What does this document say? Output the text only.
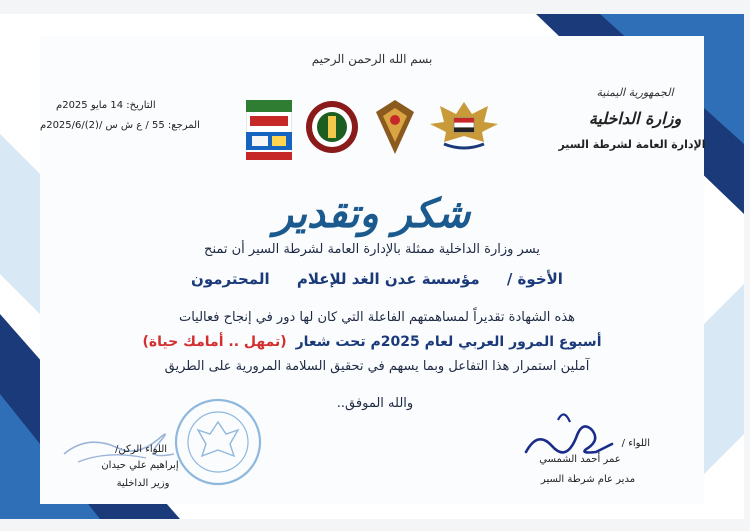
بسم الله الرحمن الرحيم
الجمهورية اليمنية
وزارة الداخلية
الإدارة العامة لشرطة السير
التاريخ: 14 مايو 2025م
المرجع: 55 / ع ش س /(2)/2025/6م
شكر وتقدير
يسر وزارة الداخلية ممثلة بالإدارة العامة لشرطة السير أن تمنح
الأخوة / مؤسسة عدن الغد للإعلام المحترمون
هذه الشهادة تقديراً لمساهمتهم الفاعلة التي كان لها دور في إنجاح فعاليات
أسبوع المرور العربي لعام 2025م تحت شعار (تمهل .. أمامك حياة)
آملين استمرار هذا التفاعل وبما يسهم في تحقيق السلامة المرورية على الطريق
والله الموفق..
اللواء /
عمر أحمد الشمسي
مدير عام شرطة السير
اللواء الركن/
إبراهيم علي حيدان
وزير الداخلية
